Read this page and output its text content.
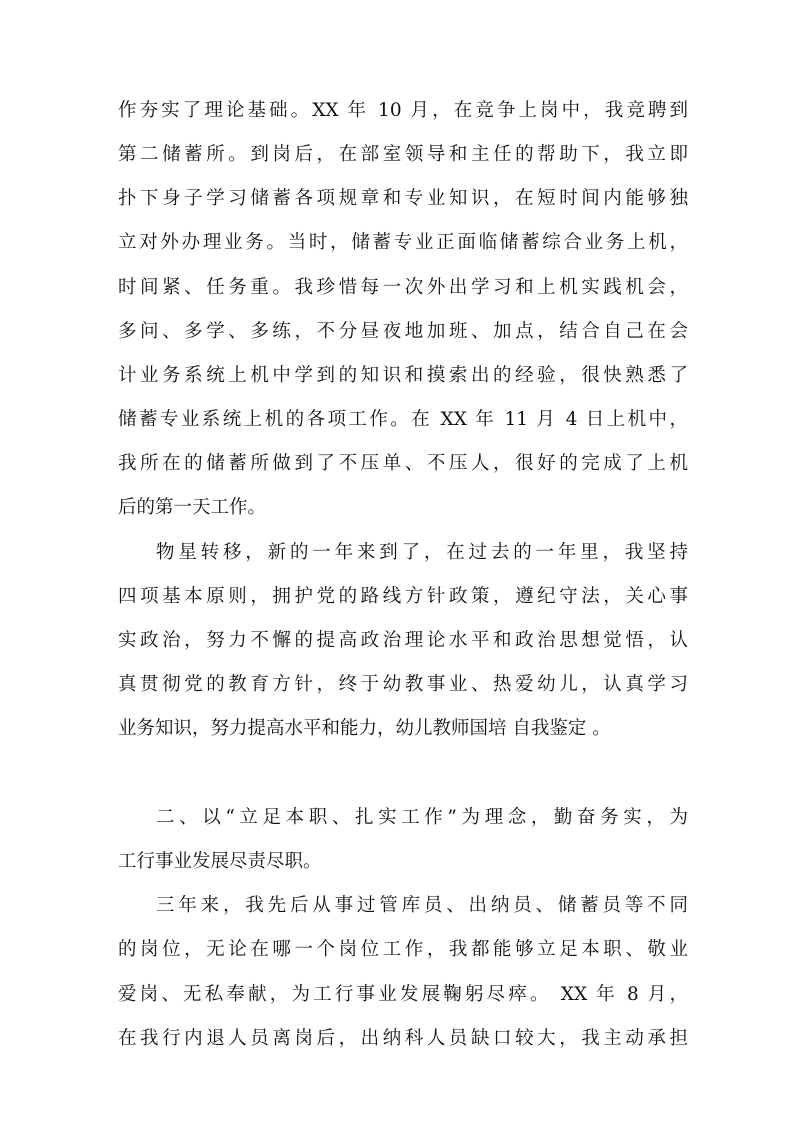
作夯实了理论基础。XX 年 10 月，在竞争上岗中，我竞聘到
第二储蓄所。到岗后，在部室领导和主任的帮助下，我立即
扑下身子学习储蓄各项规章和专业知识，在短时间内能够独
立对外办理业务。当时，储蓄专业正面临储蓄综合业务上机，
时间紧、任务重。我珍惜每一次外出学习和上机实践机会，
多问、多学、多练，不分昼夜地加班、加点，结合自己在会
计业务系统上机中学到的知识和摸索出的经验，很快熟悉了
储蓄专业系统上机的各项工作。在 XX 年 11 月 4 日上机中，
我所在的储蓄所做到了不压单、不压人，很好的完成了上机
后的第一天工作。
物星转移，新的一年来到了，在过去的一年里，我坚持
四项基本原则，拥护党的路线方针政策，遵纪守法，关心事
实政治，努力不懈的提高政治理论水平和政治思想觉悟，认
真贯彻党的教育方针，终于幼教事业、热爱幼儿，认真学习
业务知识，努力提高水平和能力，幼儿教师国培 自我鉴定 。
二、以“立足本职、扎实工作”为理念，勤奋务实，为
工行事业发展尽责尽职。
三年来，我先后从事过管库员、出纳员、储蓄员等不同
的岗位，无论在哪一个岗位工作，我都能够立足本职、敬业
爱岗、无私奉献，为工行事业发展鞠躬尽瘁。 XX 年 8 月，
在我行内退人员离岗后，出纳科人员缺口较大，我主动承担
